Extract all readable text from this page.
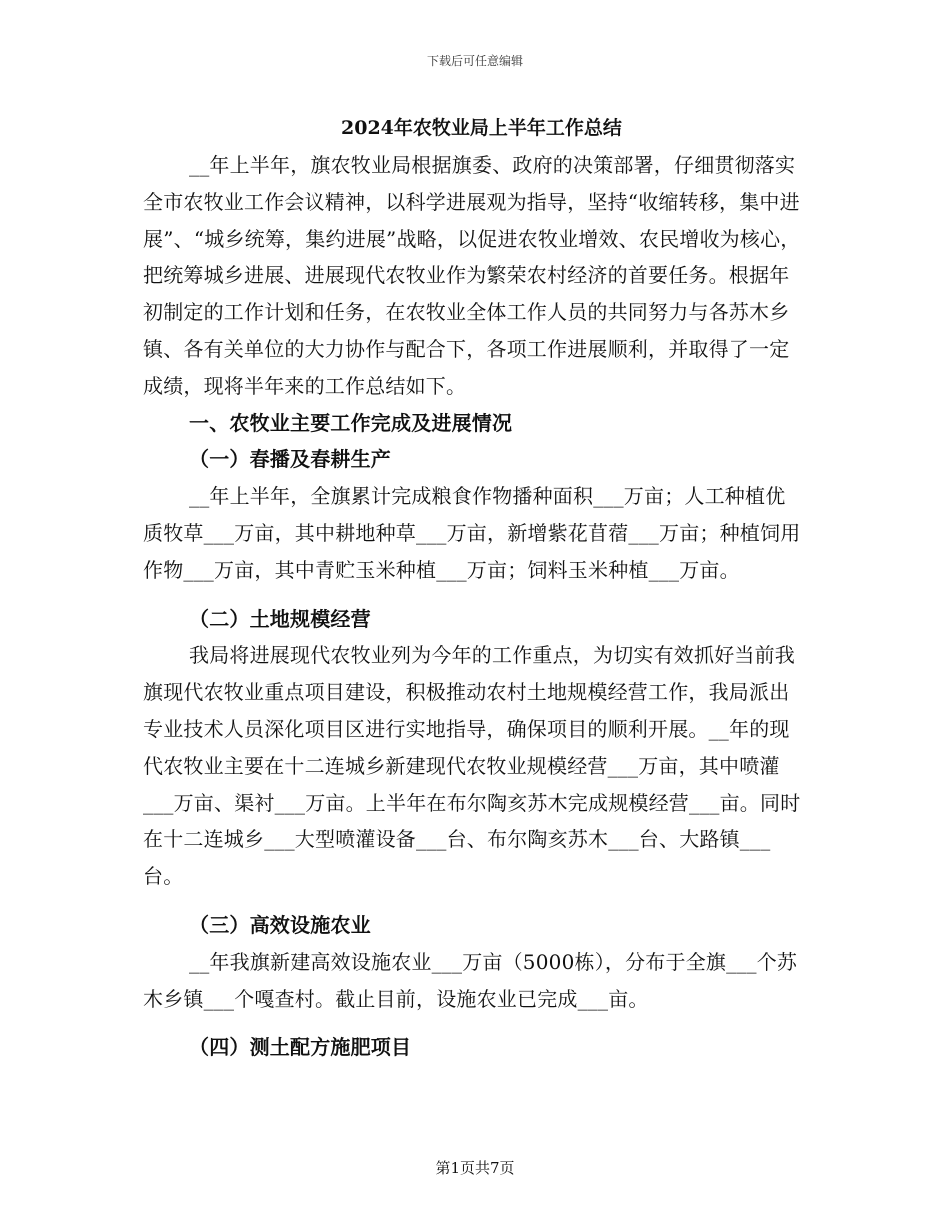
下载后可任意编辑
2024年农牧业局上半年工作总结

__年上半年，旗农牧业局根据旗委、政府的决策部署，仔细贯彻落实全市农牧业工作会议精神，以科学进展观为指导，坚持“收缩转移，集中进展”、“城乡统筹，集约进展”战略，以促进农牧业增效、农民增收为核心，把统筹城乡进展、进展现代农牧业作为繁荣农村经济的首要任务。根据年初制定的工作计划和任务，在农牧业全体工作人员的共同努力与各苏木乡镇、各有关单位的大力协作与配合下，各项工作进展顺利，并取得了一定成绩，现将半年来的工作总结如下。

一、农牧业主要工作完成及进展情况

（一）春播及春耕生产

__年上半年，全旗累计完成粮食作物播种面积___万亩；人工种植优质牧草___万亩，其中耕地种草___万亩，新增紫花苜蓿___万亩；种植饲用作物___万亩，其中青贮玉米种植___万亩；饲料玉米种植___万亩。

（二）土地规模经营

我局将进展现代农牧业列为今年的工作重点，为切实有效抓好当前我旗现代农牧业重点项目建设，积极推动农村土地规模经营工作，我局派出专业技术人员深化项目区进行实地指导，确保项目的顺利开展。__年的现代农牧业主要在十二连城乡新建现代农牧业规模经营___万亩，其中喷灌___万亩、渠衬___万亩。上半年在布尔陶亥苏木完成规模经营___亩。同时在十二连城乡___大型喷灌设备___台、布尔陶亥苏木___台、大路镇___台。

（三）高效设施农业

__年我旗新建高效设施农业___万亩（5000栋），分布于全旗___个苏木乡镇___个嘎查村。截止目前，设施农业已完成___亩。

（四）测土配方施肥项目

第1页共7页
